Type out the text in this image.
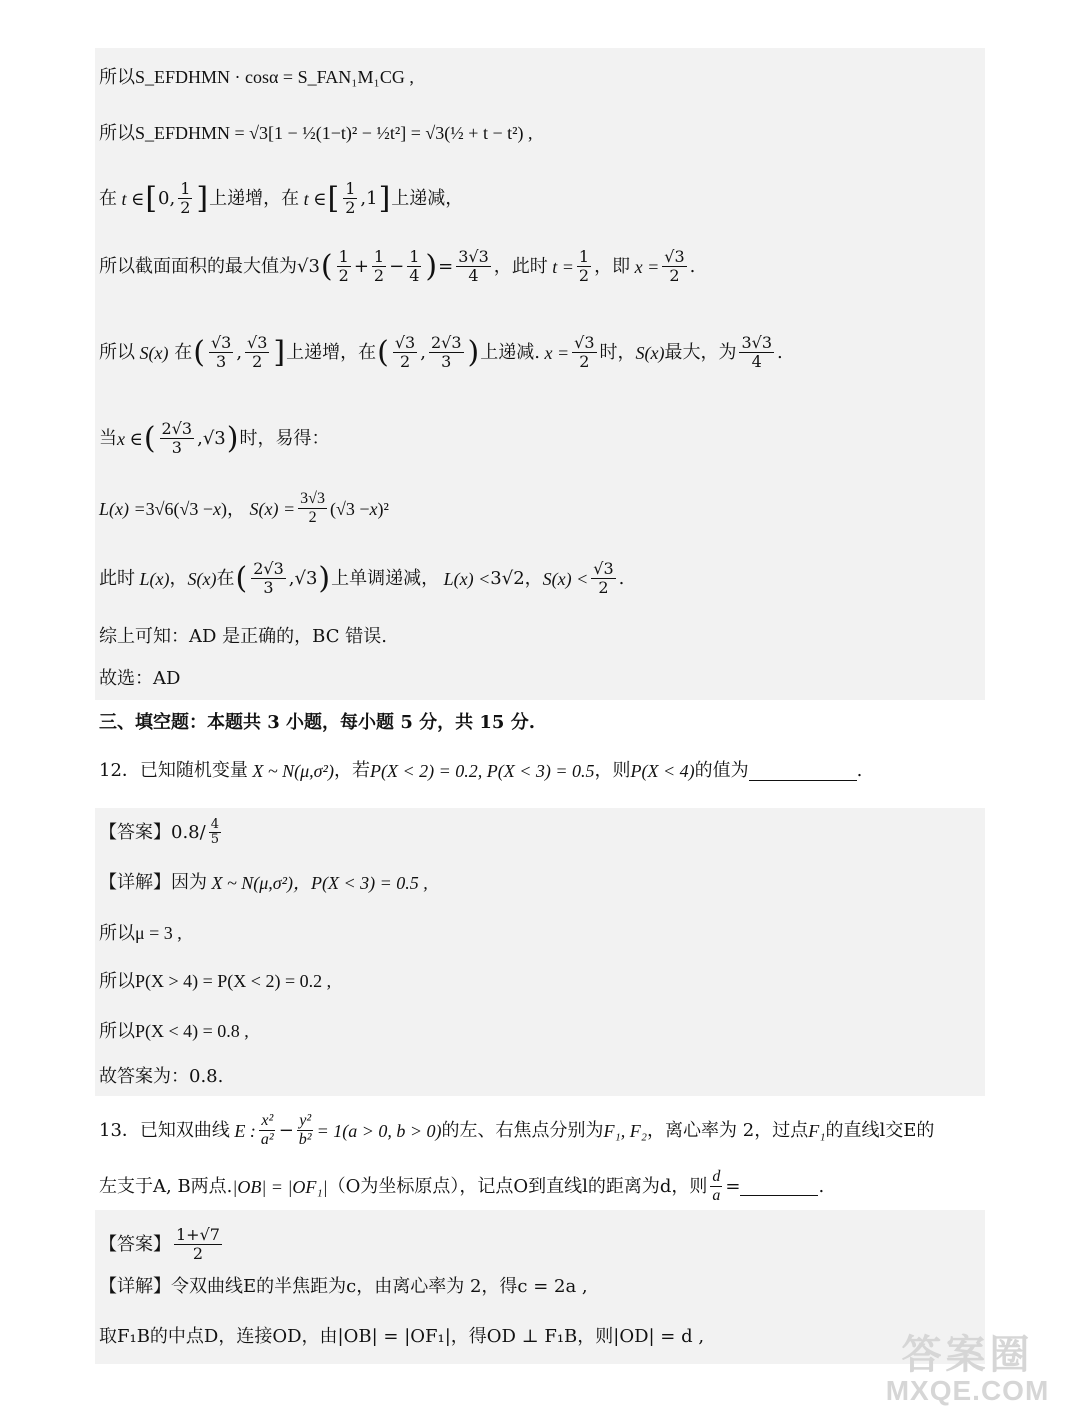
所以S_EFDHMN · cosα = S_FAN₁M₁CG ,
所以S_EFDHMN = √3[1 − ½(1−t)² − ½t²] = √3(½ + t − t²) ,
在 t ∈ [ 0, $\frac{1}{2}$ ] 上递增，在 t ∈ [ $\frac{1}{2} ,1$ ] 上递减，
所以截面面积的最大值为 √3 ( $\frac{1}{2} + \frac{1}{2} - \frac{1}{4}$ ) = $\frac{3√3}{4}$ ，此时 $t = \frac{1}{2}$ ，即 $x = \frac{√3}{2}$ .
所以 S(x) 在 ( $\frac{√3}{3}$ , $\frac{√3}{2}$ ] 上递增，在 ( $\frac{√3}{2}$ , $\frac{2√3}{3}$ ) 上递减. $x = \frac{√3}{2}$ 时， S(x) 最大，为 $\frac{3√3}{4}$ .
当 x ∈ ( $\frac{2√3}{3} ,√3$ ) 时，易得：
L(x) = 3√6(√3 − x )， $S(x) = \frac{3√3}{2} (√3 - x$ )²
此时 L(x) ， S(x) 在 ( $\frac{2√3}{3} ,√3$ ) 上单调递减， L(x) < 3√2， $S(x) < \frac{√3}{2}$ .
综上可知：AD 是正确的，BC 错误.
故选：AD
三、填空题：本题共 3 小题，每小题 5 分，共 15 分.
12．已知随机变量 X ~ N(μ,σ²) ，若 P(X < 2) = 0.2, P(X < 3) = 0.5 ，则 P(X < 4) 的值为	.
【答案】 $0.8/ \frac{4}{5}$
【详解】 因为 X ~ N(μ,σ²)，P(X < 3) = 0.5 ,
所以μ = 3 ,
所以P(X > 4) = P(X < 2) = 0.2 ,
所以P(X < 4) = 0.8 ,
故答案为：0.8.
13．已知双曲线 E : $\frac{\text{x²}}{\text{a²}} - \frac{\text{y²}}{\text{b²}} = 1(a > 0$, b > 0) 的左、右焦点分别为 F₁, F₂ ，离心率为 2，过点 F₁ 的直线l交E的
左支于A, B两点. |OB| = |OF₁| （O为坐标原点），记点O到直线l的距离为d，则 $\frac{d}{a}$ =	.
【答案】 $\frac{1+√7}{2}$
【详解】 令双曲线E的半焦距为c，由离心率为 2，得c = 2a ,
取F₁B的中点D，连接OD，由|OB| = |OF₁|，得OD ⊥ F₁B，则|OD| = d ,	答案圈
MXQE.COM
